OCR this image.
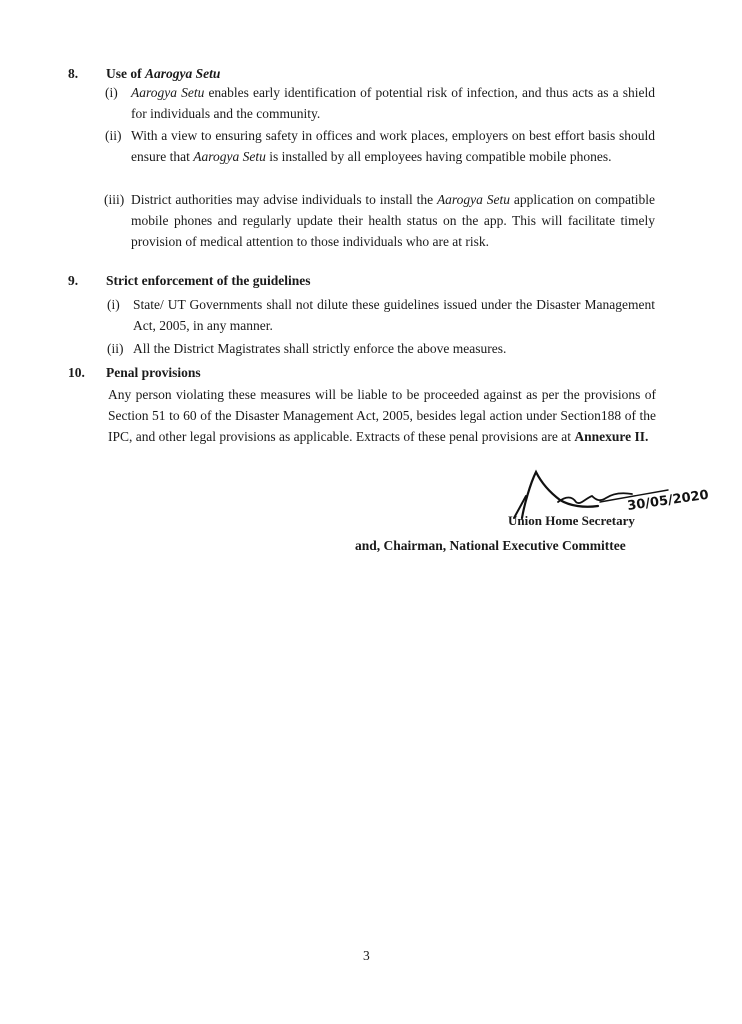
8. Use of Aarogya Setu
(i) Aarogya Setu enables early identification of potential risk of infection, and thus acts as a shield for individuals and the community.
(ii) With a view to ensuring safety in offices and work places, employers on best effort basis should ensure that Aarogya Setu is installed by all employees having compatible mobile phones.
(iii) District authorities may advise individuals to install the Aarogya Setu application on compatible mobile phones and regularly update their health status on the app. This will facilitate timely provision of medical attention to those individuals who are at risk.
9. Strict enforcement of the guidelines
(i) State/ UT Governments shall not dilute these guidelines issued under the Disaster Management Act, 2005, in any manner.
(ii) All the District Magistrates shall strictly enforce the above measures.
10. Penal provisions
Any person violating these measures will be liable to be proceeded against as per the provisions of Section 51 to 60 of the Disaster Management Act, 2005, besides legal action under Section188 of the IPC, and other legal provisions as applicable. Extracts of these penal provisions are at Annexure II.
30/05/2020
Union Home Secretary
and, Chairman, National Executive Committee
3
